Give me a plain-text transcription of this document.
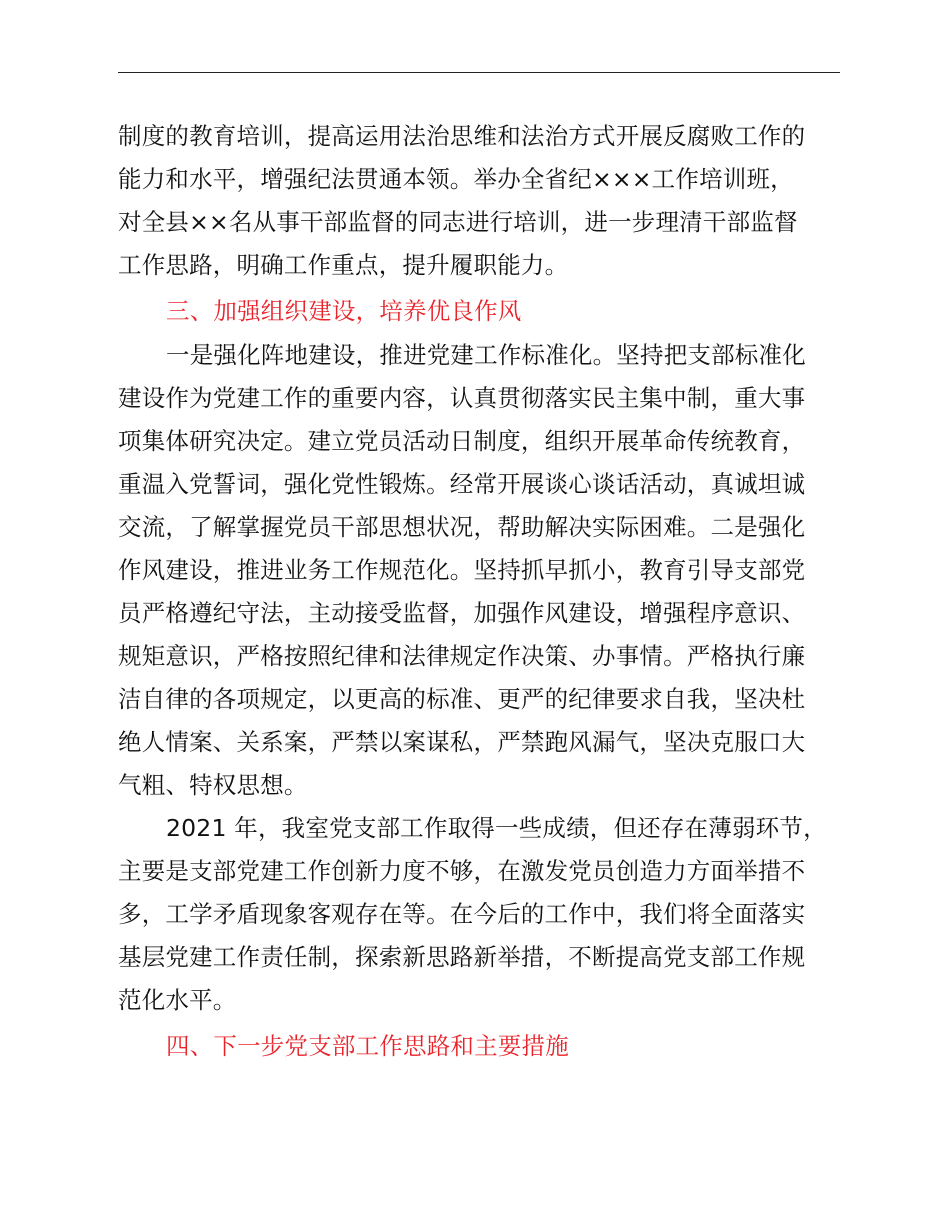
制度的教育培训，提高运用法治思维和法治方式开展反腐败工作的
能力和水平，增强纪法贯通本领。举办全省纪×××工作培训班，
对全县××名从事干部监督的同志进行培训，进一步理清干部监督
工作思路，明确工作重点，提升履职能力。
三、加强组织建设，培养优良作风
一是强化阵地建设，推进党建工作标准化。坚持把支部标准化
建设作为党建工作的重要内容，认真贯彻落实民主集中制，重大事
项集体研究决定。建立党员活动日制度，组织开展革命传统教育，
重温入党誓词，强化党性锻炼。经常开展谈心谈话活动，真诚坦诚
交流，了解掌握党员干部思想状况，帮助解决实际困难。二是强化
作风建设，推进业务工作规范化。坚持抓早抓小，教育引导支部党
员严格遵纪守法，主动接受监督，加强作风建设，增强程序意识、
规矩意识，严格按照纪律和法律规定作决策、办事情。严格执行廉
洁自律的各项规定，以更高的标准、更严的纪律要求自我，坚决杜
绝人情案、关系案，严禁以案谋私，严禁跑风漏气，坚决克服口大
气粗、特权思想。
2021 年，我室党支部工作取得一些成绩，但还存在薄弱环节，
主要是支部党建工作创新力度不够，在激发党员创造力方面举措不
多，工学矛盾现象客观存在等。在今后的工作中，我们将全面落实
基层党建工作责任制，探索新思路新举措，不断提高党支部工作规
范化水平。
四、下一步党支部工作思路和主要措施
